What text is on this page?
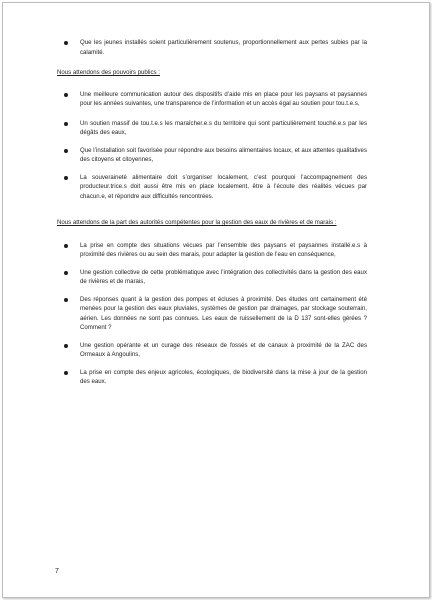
Que les jeunes installés soient particulièrement soutenus, proportionnellement aux pertes subies par la calamité.

Nous attendons des pouvoirs publics :

Une meilleure communication autour des dispositifs d’aide mis en place pour les paysans et paysannes pour les années suivantes, une transparence de l’information et un accès égal au soutien pour tou.t.e.s,
Un soutien massif de tou.t.e.s les maraîcher.e.s du territoire qui sont particulièrement touché.e.s par les dégâts des eaux,
Que l’installation soit favorisée pour répondre aux besoins alimentaires locaux, et aux attentes qualitatives des citoyens et citoyennes,
La souveraineté alimentaire doit s’organiser localement, c’est pourquoi l’accompagnement des producteur.trice.s doit aussi être mis en place localement, être à l’écoute des réalités vécues par chacun.e, et répondre aux difficultés rencontrées.

Nous attendons de la part des autorités compétentes pour la gestion des eaux de rivières et de marais :

La prise en compte des situations vécues par l’ensemble des paysans et paysannes installé.e.s à proximité des rivières ou au sein des marais, pour adapter la gestion de l’eau en conséquence,
Une gestion collective de cette problématique avec l’intégration des collectivités dans la gestion des eaux de rivières et de marais,
Des réponses quant à la gestion des pompes et écluses à proximité. Des études ont certainement été menées pour la gestion des eaux pluviales, systèmes de gestion par drainages, par stockage souterrain, aérien. Les données ne sont pas connues. Les eaux de ruissellement de la D 137 sont-elles gérées ? Comment ?
Une gestion opérante et un curage des réseaux de fossés et de canaux à proximité de la ZAC des Ormeaux à Angoulins,
La prise en compte des enjeux agricoles, écologiques, de biodiversité dans la mise à jour de la gestion des eaux.
7
